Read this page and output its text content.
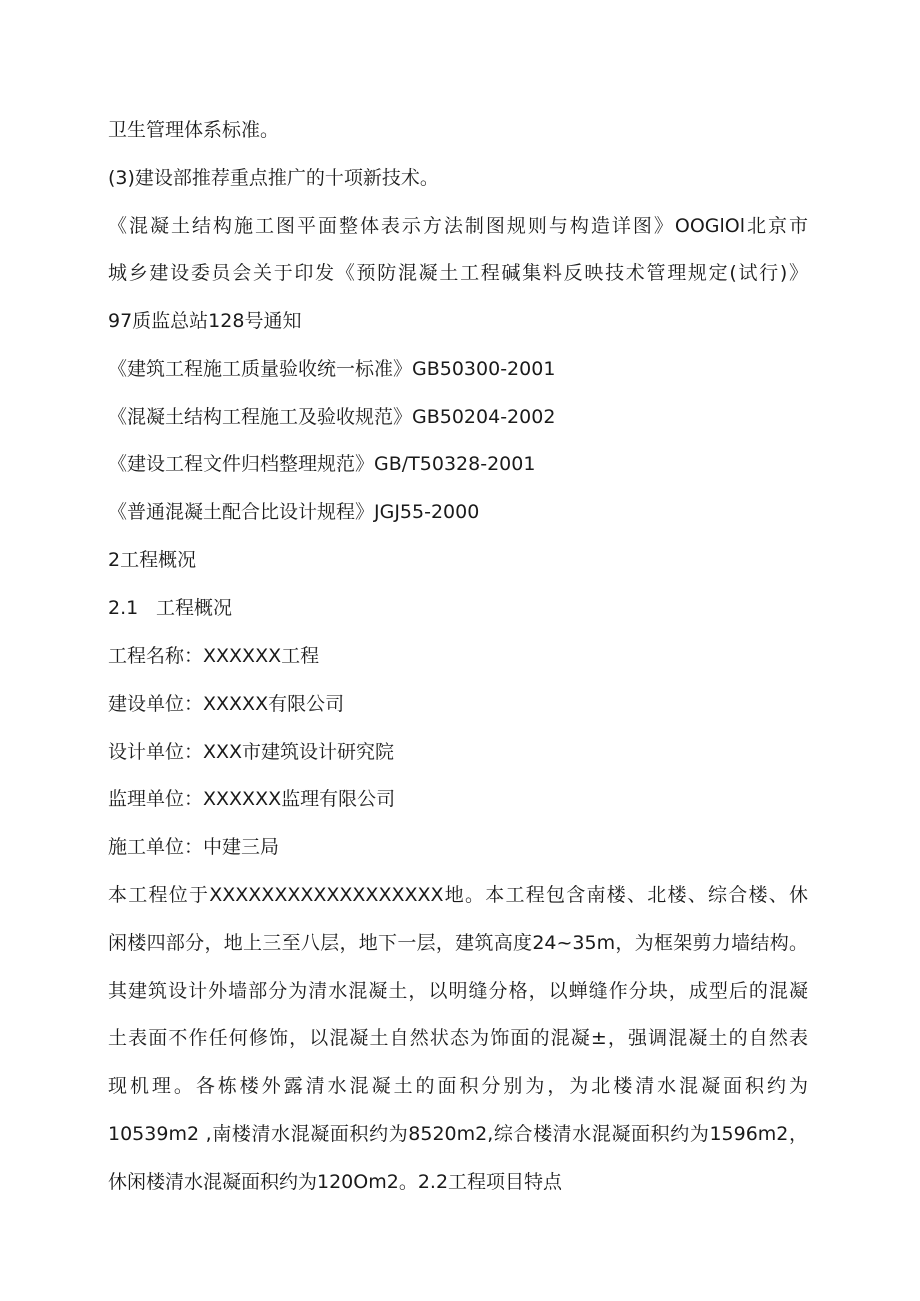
卫生管理体系标准。

(3)建设部推荐重点推广的十项新技术。

《混凝土结构施工图平面整体表示方法制图规则与构造详图》OOGlOl北京市

城乡建设委员会关于印发《预防混凝土工程碱集料反映技术管理规定(试行)》

97质监总站128号通知

《建筑工程施工质量验收统一标准》GB50300-2001

《混凝土结构工程施工及验收规范》GB50204-2002

《建设工程文件归档整理规范》GB/T50328-2001

《普通混凝土配合比设计规程》JGJ55-2000

2工程概况

2.1 工程概况

工程名称：XXXXXX工程

建设单位：XXXXX有限公司

设计单位：XXX市建筑设计研究院

监理单位：XXXXXX监理有限公司

施工单位：中建三局

本工程位于XXXXXXXXXXXXXXXXXX地。本工程包含南楼、北楼、综合楼、休

闲楼四部分，地上三至八层，地下一层，建筑高度24~35m，为框架剪力墙结构。

其建筑设计外墙部分为清水混凝土，以明缝分格，以蝉缝作分块，成型后的混凝

土表面不作任何修饰，以混凝土自然状态为饰面的混凝±，强调混凝土的自然表

现机理。各栋楼外露清水混凝土的面积分别为，为北楼清水混凝面积约为

10539m2 ,南楼清水混凝面积约为8520m2,综合楼清水混凝面积约为1596m2，

休闲楼清水混凝面积约为120Om2。2.2工程项目特点
